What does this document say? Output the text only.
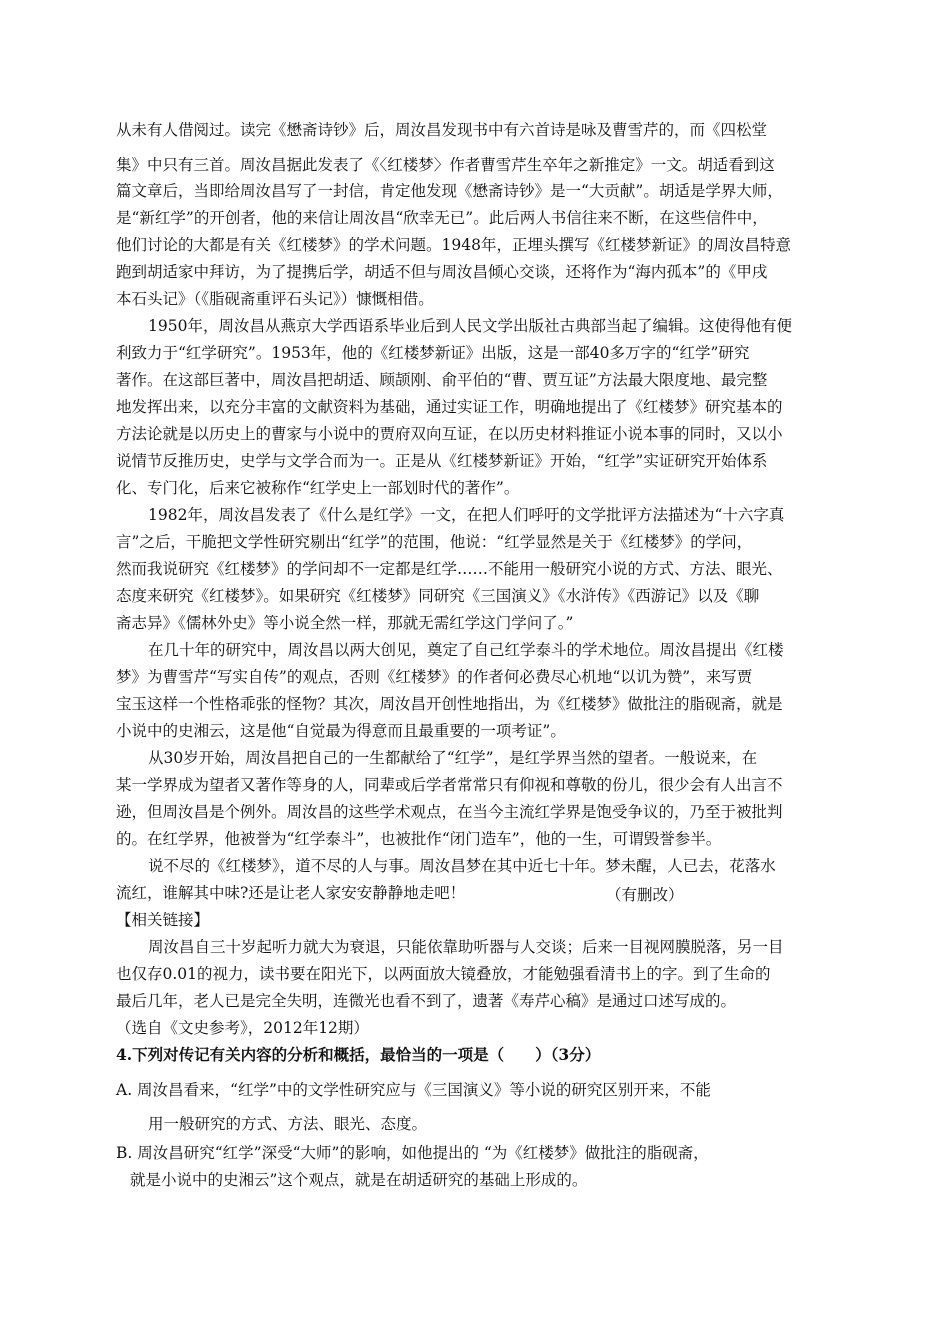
从未有人借阅过。读完《懋斋诗钞》后，周汝昌发现书中有六首诗是咏及曹雪芹的，而《四松堂
集》中只有三首。周汝昌据此发表了《〈红楼梦〉作者曹雪芹生卒年之新推定》一文。胡适看到这
篇文章后，当即给周汝昌写了一封信，肯定他发现《懋斋诗钞》是一“大贡献”。胡适是学界大师，
是“新红学”的开创者，他的来信让周汝昌“欣幸无已”。此后两人书信往来不断，在这些信件中，
他们讨论的大都是有关《红楼梦》的学术问题。1948年，正埋头撰写《红楼梦新证》的周汝昌特意
跑到胡适家中拜访，为了提携后学，胡适不但与周汝昌倾心交谈，还将作为“海内孤本”的《甲戌
本石头记》（《脂砚斋重评石头记》）慷慨相借。
1950年，周汝昌从燕京大学西语系毕业后到人民文学出版社古典部当起了编辑。这使得他有便
利致力于“红学研究”。1953年，他的《红楼梦新证》出版，这是一部40多万字的“红学”研究
著作。在这部巨著中，周汝昌把胡适、顾颉刚、俞平伯的“曹、贾互证”方法最大限度地、最完整
地发挥出来，以充分丰富的文献资料为基础，通过实证工作，明确地提出了《红楼梦》研究基本的
方法论就是以历史上的曹家与小说中的贾府双向互证，在以历史材料推证小说本事的同时，又以小
说情节反推历史，史学与文学合而为一。正是从《红楼梦新证》开始，“红学”实证研究开始体系
化、专门化，后来它被称作“红学史上一部划时代的著作”。
1982年，周汝昌发表了《什么是红学》一文，在把人们呼吁的文学批评方法描述为“十六字真
言”之后，干脆把文学性研究剔出“红学”的范围，他说：“红学显然是关于《红楼梦》的学问，
然而我说研究《红楼梦》的学问却不一定都是红学……不能用一般研究小说的方式、方法、眼光、
态度来研究《红楼梦》。如果研究《红楼梦》同研究《三国演义》《水浒传》《西游记》以及《聊
斋志异》《儒林外史》等小说全然一样，那就无需红学这门学问了。”
在几十年的研究中，周汝昌以两大创见，奠定了自己红学泰斗的学术地位。周汝昌提出《红楼
梦》为曹雪芹“写实自传”的观点，否则《红楼梦》的作者何必费尽心机地“以讥为赞”，来写贾
宝玉这样一个性格乖张的怪物？其次，周汝昌开创性地指出，为《红楼梦》做批注的脂砚斋，就是
小说中的史湘云，这是他“自觉最为得意而且最重要的一项考证”。
从30岁开始，周汝昌把自己的一生都献给了“红学”，是红学界当然的望者。一般说来，在
某一学界成为望者又著作等身的人，同辈或后学者常常只有仰视和尊敬的份儿，很少会有人出言不
逊，但周汝昌是个例外。周汝昌的这些学术观点，在当今主流红学界是饱受争议的，乃至于被批判
的。在红学界，他被誉为“红学泰斗”，也被批作“闭门造车”，他的一生，可谓毁誉参半。
说不尽的《红楼梦》，道不尽的人与事。周汝昌梦在其中近七十年。梦未醒，人已去，花落水
流红，谁解其中味?还是让老人家安安静静地走吧！	（有删改）
【相关链接】
周汝昌自三十岁起听力就大为衰退，只能依靠助听器与人交谈；后来一目视网膜脱落，另一目
也仅存0.01的视力，读书要在阳光下，以两面放大镜叠放，才能勉强看清书上的字。到了生命的
最后几年，老人已是完全失明，连微光也看不到了，遗著《寿芹心稿》是通过口述写成的。
（选自《文史参考》，2012年12期）
4.下列对传记有关内容的分析和概括，最恰当的一项是（　　）（3分）
A. 周汝昌看来，“红学”中的文学性研究应与《三国演义》等小说的研究区别开来，不能
用一般研究的方式、方法、眼光、态度。
B. 周汝昌研究“红学”深受“大师”的影响，如他提出的 “为《红楼梦》做批注的脂砚斋，
就是小说中的史湘云”这个观点，就是在胡适研究的基础上形成的。
